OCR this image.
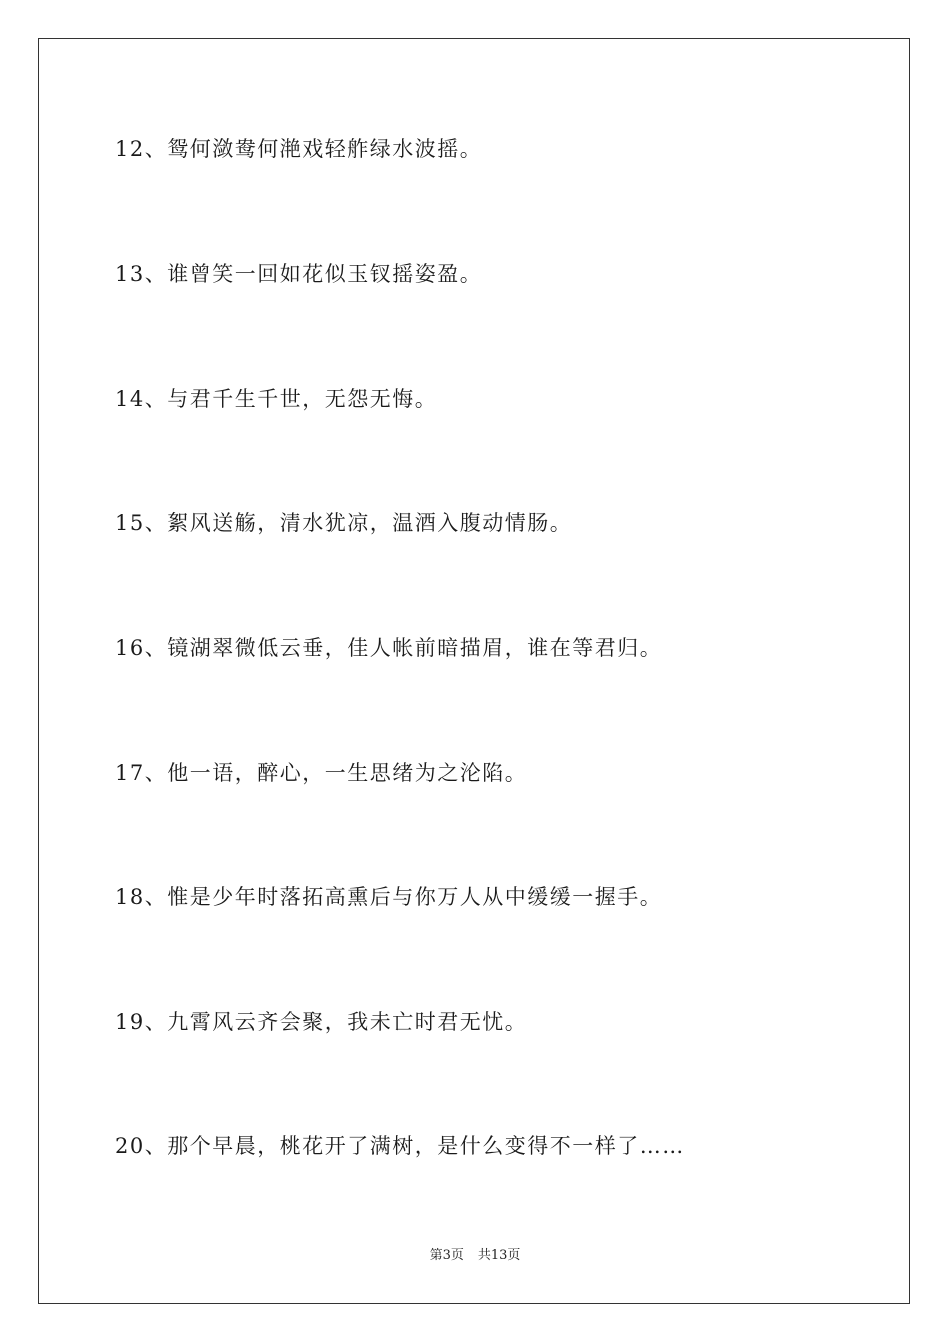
12、鸳何潋鸯何滟戏轻舴绿水波摇。
13、谁曾笑一回如花似玉钗摇姿盈。
14、与君千生千世，无怨无悔。
15、絮风送觞，清水犹凉，温酒入腹动情肠。
16、镜湖翠微低云垂，佳人帐前暗描眉，谁在等君归。
17、他一语，醉心，一生思绪为之沦陷。
18、惟是少年时落拓高熏后与你万人从中缓缓一握手。
19、九霄风云齐会聚，我未亡时君无忧。
20、那个早晨，桃花开了满树，是什么变得不一样了……
第3页 共13页
